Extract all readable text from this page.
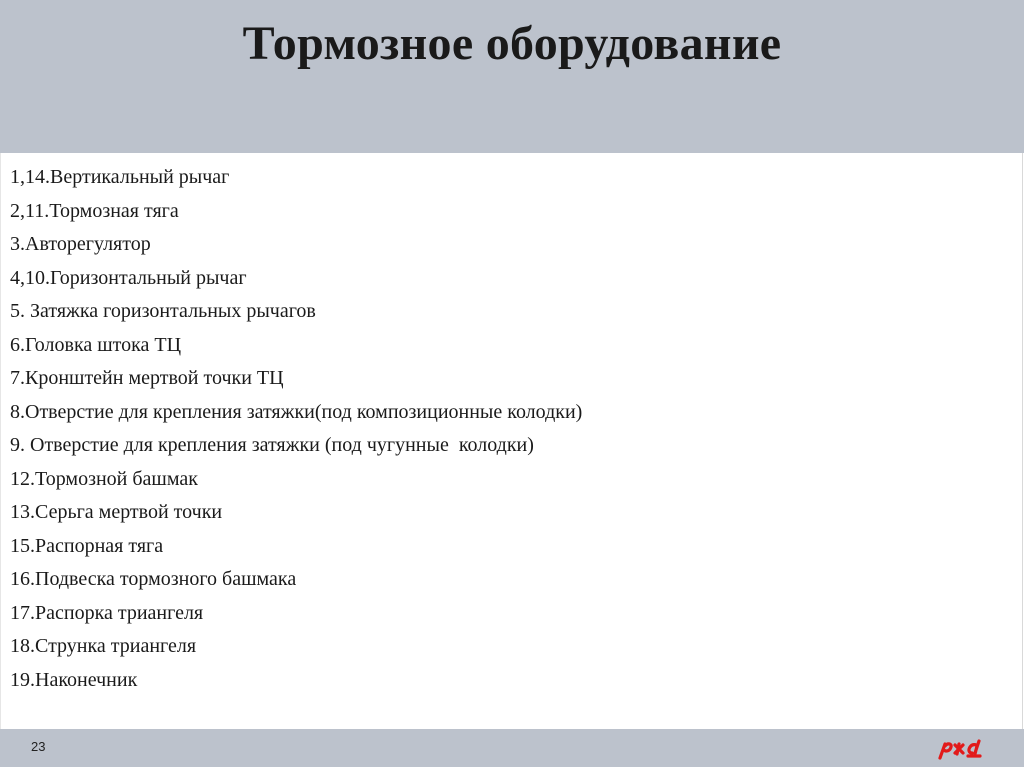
Тормозное оборудование
1,14.Вертикальный рычаг
2,11.Тормозная тяга
3.Авторегулятор
4,10.Горизонтальный рычаг
5. Затяжка горизонтальных рычагов
6.Головка штока ТЦ
7.Кронштейн мертвой точки ТЦ
8.Отверстие для крепления затяжки(под композиционные колодки)
9. Отверстие для крепления затяжки (под чугунные  колодки)
12.Тормозной башмак
13.Серьга мертвой точки
15.Распорная тяга
16.Подвеска тормозного башмака
17.Распорка триангеля
18.Струнка триангеля
19.Наконечник
23
